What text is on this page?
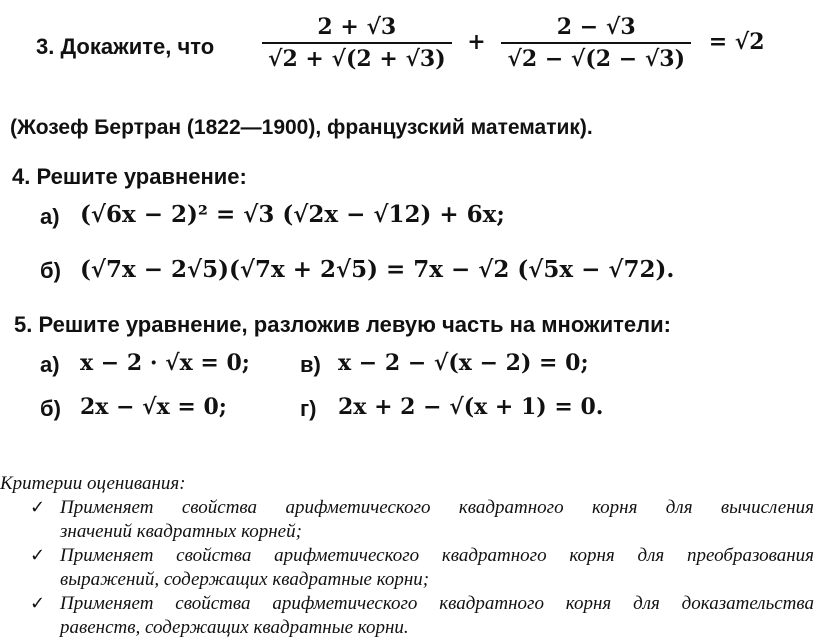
3. Докажите, что $\frac{2 + √3}{√2 + √(2 + √3)} + \frac{2 - √3}{√2 - √(2 - √3)} = √2$
(Жозеф Бертран (1822—1900), французский математик).
4. Решите уравнение:
а) (√6x − 2)² = √3 (√2x − √12) + 6x;
б) (√7x − 2√5)(√7x + 2√5) = 7x − √2 (√5x − √72).
5. Решите уравнение, разложив левую часть на множители:
а) x − 2 · √x = 0; в) x − 2 − √(x − 2) = 0;
б) 2x − √x = 0;	г) 2x + 2 − √(x + 1) = 0.
Критерии оценивания:
✓ Применяет свойства арифметического квадратного корня для вычисления
значений квадратных корней;
✓ Применяет свойства арифметического квадратного корня для преобразования
выражений, содержащих квадратные корни;
✓ Применяет свойства арифметического квадратного корня для доказательства
равенств, содержащих квадратные корни.
